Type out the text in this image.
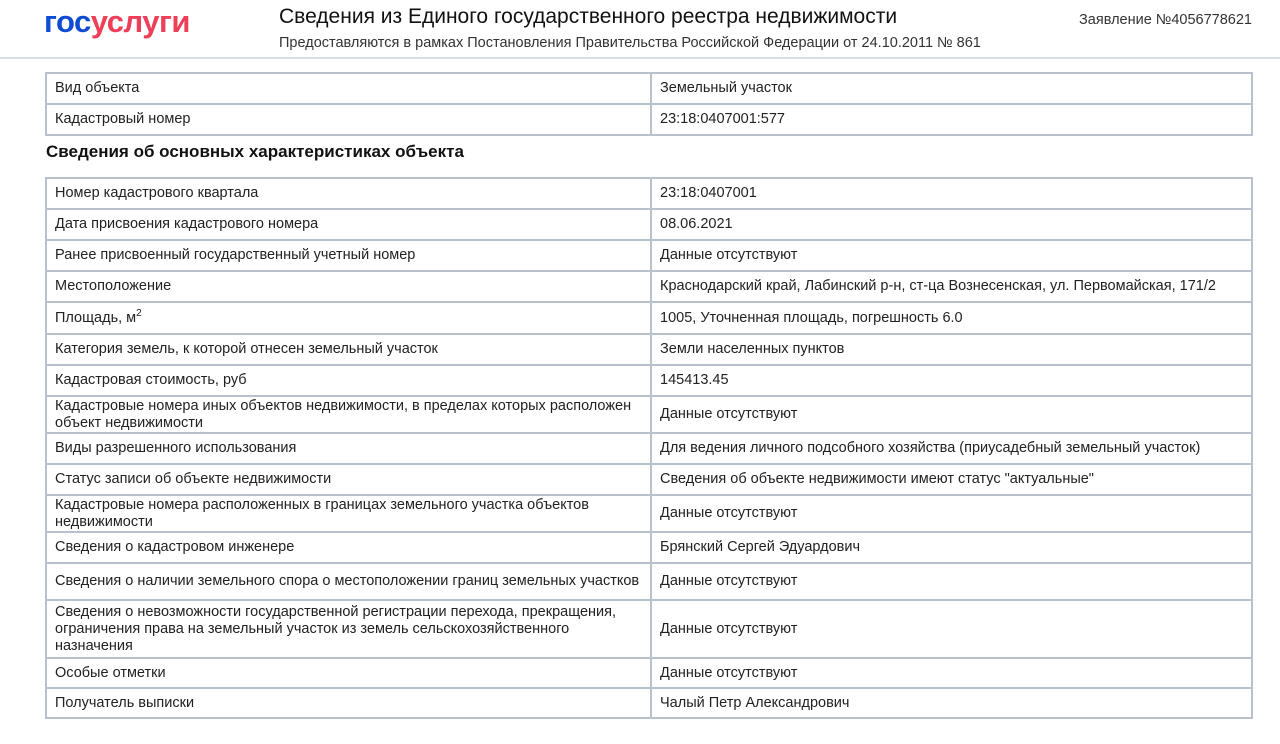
госуслуги	Сведения из Единого государственного реестра недвижимости
Предоставляются в рамках Постановления Правительства Российской Федерации от 24.10.2011 № 861
Заявление №4056778621
Вид объекта	Земельный участок
Кадастровый номер	23:18:0407001:577
Сведения об основных характеристиках объекта
Номер кадастрового квартала	23:18:0407001
Дата присвоения кадастрового номера	08.06.2021
Ранее присвоенный государственный учетный номер	Данные отсутствуют
Местоположение	Краснодарский край, Лабинский р-н, ст-ца Вознесенская, ул. Первомайская, 171/2
Площадь, $м^2$	1005, Уточненная площадь, погрешность 6.0
Категория земель, к которой отнесен земельный участок	Земли населенных пунктов
Кадастровая стоимость, руб	145413.45
Кадастровые номера иных объектов недвижимости, в пределах которых расположен объект недвижимости	Данные отсутствуют
Виды разрешенного использования	Для ведения личного подсобного хозяйства (приусадебный земельный участок)
Статус записи об объекте недвижимости	Сведения об объекте недвижимости имеют статус "актуальные"
Кадастровые номера расположенных в границах земельного участка объектов недвижимости	Данные отсутствуют
Сведения о кадастровом инженере	Брянский Сергей Эдуардович
Сведения о наличии земельного спора о местоположении границ земельных участков	Данные отсутствуют
Сведения о невозможности государственной регистрации перехода, прекращения, ограничения права на земельный участок из земель сельскохозяйственного назначения	Данные отсутствуют
Особые отметки	Данные отсутствуют
Получатель выписки	Чалый Петр Александрович
